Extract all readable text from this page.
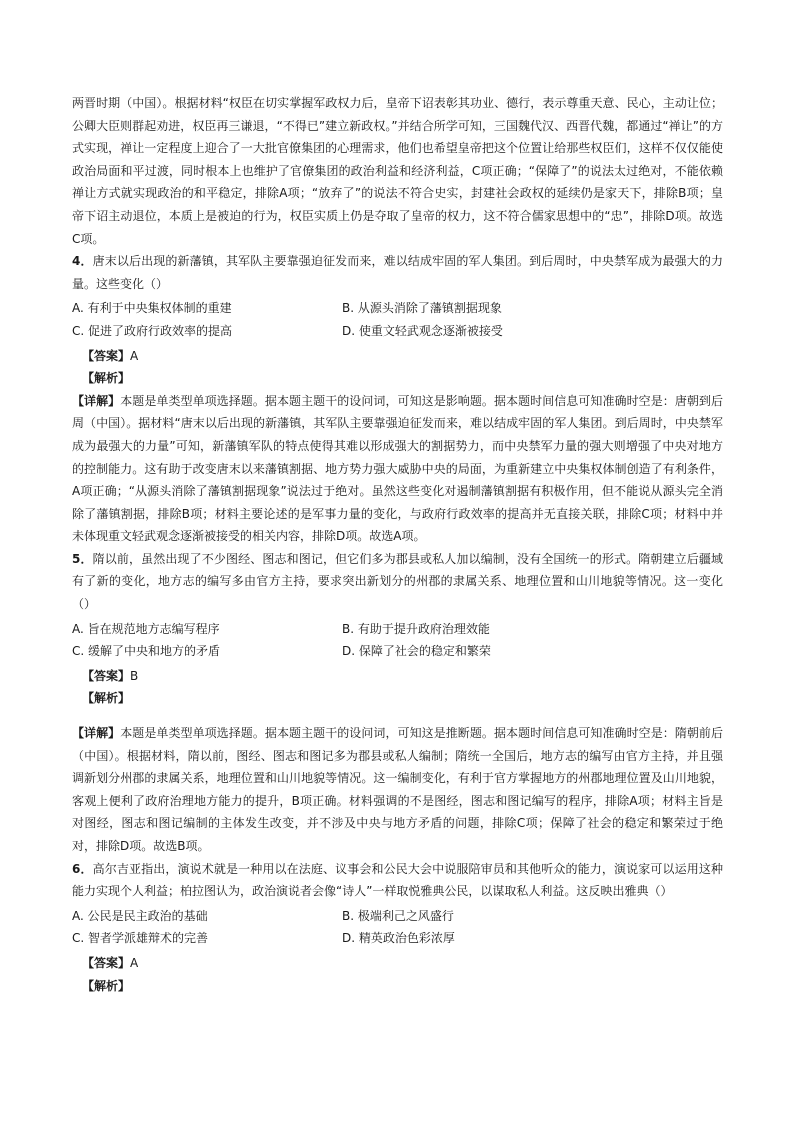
两晋时期（中国）。根据材料“权臣在切实掌握军政权力后，皇帝下诏表彰其功业、德行，表示尊重天意、民心，主动让位；公卿大臣则群起劝进，权臣再三谦退，“不得已”建立新政权。”并结合所学可知，三国魏代汉、西晋代魏，都通过“禅让”的方式实现，禅让一定程度上迎合了一大批官僚集团的心理需求，他们也希望皇帝把这个位置让给那些权臣们，这样不仅仅能使政治局面和平过渡，同时根本上也维护了官僚集团的政治利益和经济利益，C项正确；“保障了”的说法太过绝对，不能依赖禅让方式就实现政治的和平稳定，排除A项；“放弃了”的说法不符合史实，封建社会政权的延续仍是家天下，排除B项；皇帝下诏主动退位，本质上是被迫的行为，权臣实质上仍是夺取了皇帝的权力，这不符合儒家思想中的“忠”，排除D项。故选C项。

4．唐末以后出现的新藩镇，其军队主要靠强迫征发而来，难以结成牢固的军人集团。到后周时，中央禁军成为最强大的力量。这些变化（）

A. 有利于中央集权体制的重建	B. 从源头消除了藩镇割据现象
C. 促进了政府行政效率的提高	D. 使重文轻武观念逐渐被接受

【答案】A

【解析】

【详解】本题是单类型单项选择题。据本题主题干的设问词，可知这是影响题。据本题时间信息可知准确时空是：唐朝到后周（中国）。据材料“唐末以后出现的新藩镇，其军队主要靠强迫征发而来，难以结成牢固的军人集团。到后周时，中央禁军成为最强大的力量”可知，新藩镇军队的特点使得其难以形成强大的割据势力，而中央禁军力量的强大则增强了中央对地方的控制能力。这有助于改变唐末以来藩镇割据、地方势力强大威胁中央的局面，为重新建立中央集权体制创造了有利条件，A项正确；“从源头消除了藩镇割据现象”说法过于绝对。虽然这些变化对遏制藩镇割据有积极作用，但不能说从源头完全消除了藩镇割据，排除B项；材料主要论述的是军事力量的变化，与政府行政效率的提高并无直接关联，排除C项；材料中并未体现重文轻武观念逐渐被接受的相关内容，排除D项。故选A项。

5．隋以前，虽然出现了不少图经、图志和图记，但它们多为郡县或私人加以编制，没有全国统一的形式。隋朝建立后疆域有了新的变化，地方志的编写多由官方主持，要求突出新划分的州郡的隶属关系、地理位置和山川地貌等情况。这一变化（）

A. 旨在规范地方志编写程序	B. 有助于提升政府治理效能
C. 缓解了中央和地方的矛盾	D. 保障了社会的稳定和繁荣

【答案】B

【解析】

【详解】本题是单类型单项选择题。据本题主题干的设问词，可知这是推断题。据本题时间信息可知准确时空是：隋朝前后（中国）。根据材料，隋以前，图经、图志和图记多为郡县或私人编制；隋统一全国后，地方志的编写由官方主持，并且强调新划分州郡的隶属关系，地理位置和山川地貌等情况。这一编制变化，有利于官方掌握地方的州郡地理位置及山川地貌，客观上便利了政府治理地方能力的提升，B项正确。材料强调的不是图经，图志和图记编写的程序，排除A项；材料主旨是对图经，图志和图记编制的主体发生改变，并不涉及中央与地方矛盾的问题，排除C项；保障了社会的稳定和繁荣过于绝对，排除D项。故选B项。

6．高尔吉亚指出，演说术就是一种用以在法庭、议事会和公民大会中说服陪审员和其他听众的能力，演说家可以运用这种能力实现个人利益；柏拉图认为，政治演说者会像“诗人”一样取悦雅典公民，以谋取私人利益。这反映出雅典（）

A. 公民是民主政治的基础	B. 极端利己之风盛行
C. 智者学派雄辩术的完善	D. 精英政治色彩浓厚

【答案】A

【解析】
